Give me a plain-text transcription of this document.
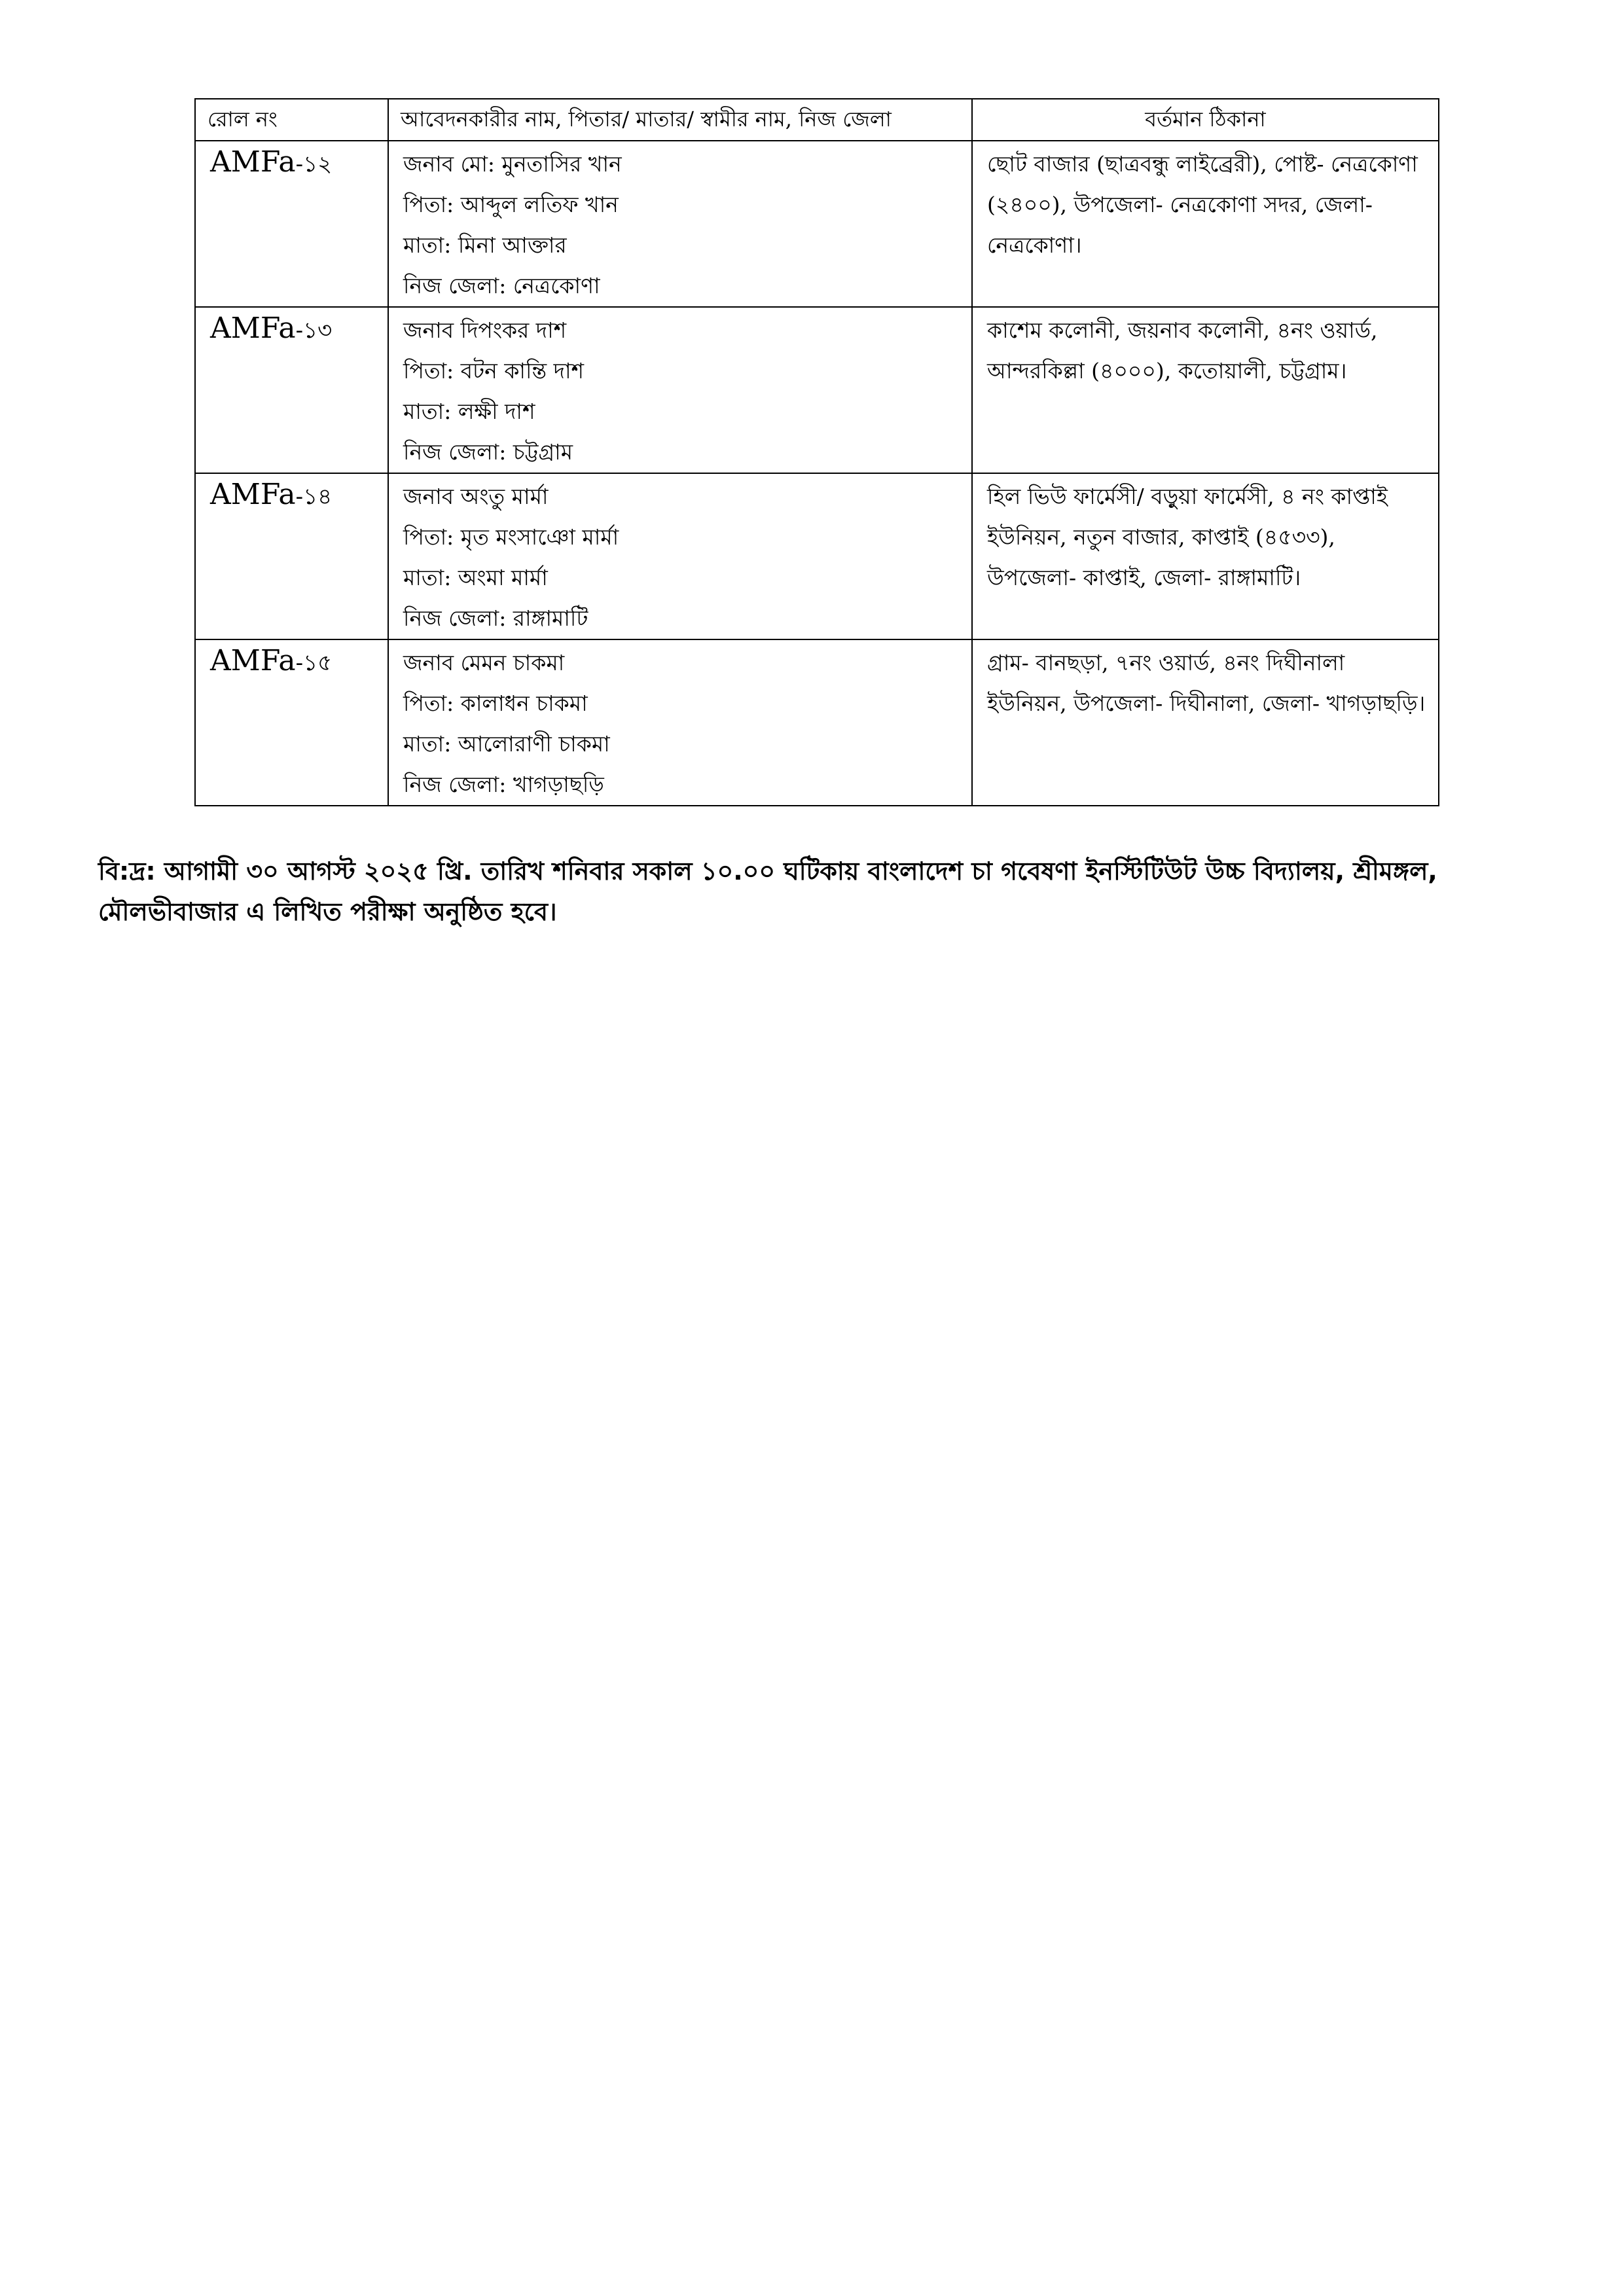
রোল নং	আবেদনকারীর নাম, পিতার/ মাতার/ স্বামীর নাম, নিজ জেলা	বর্তমান ঠিকানা

AMFa-১২	জনাব মো: মুনতাসির খান
পিতা: আব্দুল লতিফ খান
মাতা: মিনা আক্তার
নিজ জেলা: নেত্রকোণা	ছোট বাজার (ছাত্রবন্ধু লাইব্রেরী), পোষ্ট- নেত্রকোণা (২৪০০), উপজেলা- নেত্রকোণা সদর, জেলা- নেত্রকোণা।

AMFa-১৩	জনাব দিপংকর দাশ
পিতা: বটন কান্তি দাশ
মাতা: লক্ষী দাশ
নিজ জেলা: চট্টগ্রাম	কাশেম কলোনী, জয়নাব কলোনী, ৪নং ওয়ার্ড, আন্দরকিল্লা (৪০০০), কতোয়ালী, চট্টগ্রাম।

AMFa-১৪	জনাব অংতু মার্মা
পিতা: মৃত মংসাঞো মার্মা
মাতা: অংমা মার্মা
নিজ জেলা: রাঙ্গামাটি	হিল ভিউ ফার্মেসী/ বড়ুয়া ফার্মেসী, ৪ নং কাপ্তাই ইউনিয়ন, নতুন বাজার, কাপ্তাই (৪৫৩৩), উপজেলা- কাপ্তাই, জেলা- রাঙ্গামাটি।

AMFa-১৫	জনাব মেমন চাকমা
পিতা: কালাধন চাকমা
মাতা: আলোরাণী চাকমা
নিজ জেলা: খাগড়াছড়ি	গ্রাম- বানছড়া, ৭নং ওয়ার্ড, ৪নং দিঘীনালা ইউনিয়ন, উপজেলা- দিঘীনালা, জেলা- খাগড়াছড়ি।
বি:দ্র: আগামী ৩০ আগস্ট ২০২৫ খ্রি. তারিখ শনিবার সকাল ১০.০০ ঘটিকায় বাংলাদেশ চা গবেষণা ইনস্টিটিউট উচ্চ বিদ্যালয়, শ্রীমঙ্গল, মৌলভীবাজার এ লিখিত পরীক্ষা অনুষ্ঠিত হবে।
